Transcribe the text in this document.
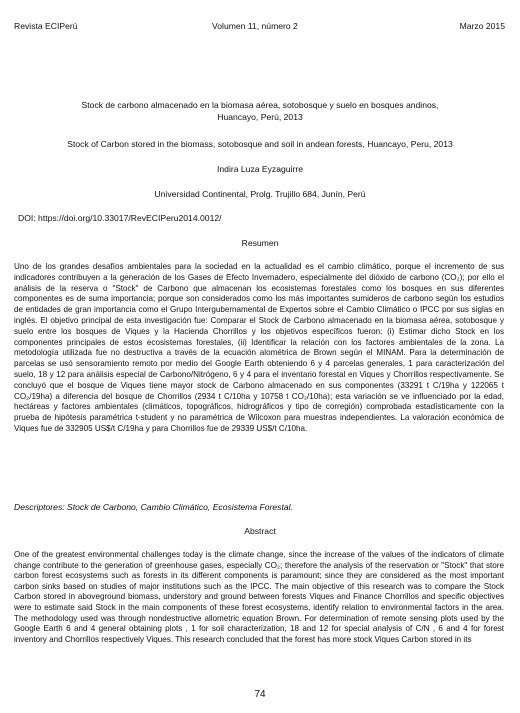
Revista ECIPerú	Volumen 11, número 2	Marzo 2015
Stock de carbono almacenado en la biomasa aérea, sotobosque y suelo en bosques andinos, Huancayo, Perú, 2013
Stock of Carbon stored in the biomass, sotobosque and soil in andean forests, Huancayo, Peru, 2013
Indira Luza Eyzaguirre
Universidad Continental, Prolg. Trujillo 684, Junín, Perú
DOI: https://doi.org/10.33017/RevECIPeru2014.0012/
Resumen

Uno de los grandes desafíos ambientales para la sociedad en la actualidad es el cambio climático, porque el incremento de sus indicadores contribuyen a la generación de los Gases de Efecto Invernadero, especialmente del dióxido de carbono (CO₂); por ello el análisis de la reserva o "Stock" de Carbono que almacenan los ecosistemas forestales como los bosques en sus diferentes componentes es de suma importancia; porque son considerados como los más importantes sumideros de carbono según los estudios de entidades de gran importancia como el Grupo Intergubernamental de Expertos sobre el Cambio Climático o IPCC por sus siglas en inglés. El objetivo principal de esta investigación fue: Comparar el Stock de Carbono almacenado en la biomasa aérea, sotobosque y suelo entre los bosques de Viques y la Hacienda Chorrillos y los objetivos específicos fueron: (i) Estimar dicho Stock en los componentes principales de estos ecosistemas forestales, (ii) Identificar la relación con los factores ambientales de la zona. La metodología utilizada fue no destructiva a través de la ecuación alométrica de Brown según el MINAM. Para la determinación de parcelas se usó sensoramiento remoto por medio del Google Earth obteniendo 6 y 4 parcelas generales, 1 para caracterización del suelo, 18 y 12 para análisis especial de Carbono/Nitrógeno, 6 y 4 para el inventario forestal en Viques y Chorrillos respectivamente. Se concluyó que el bosque de Viques tiene mayor stock de Carbono almacenado en sus componentes (33291 t C/19ha y 122065 t CO₂/19ha) a diferencia del bosque de Chorrillos (2934 t C/10ha y 10758 t CO₂/10ha); esta variación se ve influenciado por la edad, hectáreas y factores ambientales (climáticos, topográficos, hidrográficos y tipo de corregión) comprobada estadísticamente con la prueba de hipótesis paramétrica t-student y no paramétrica de Wilcoxon para muestras independientes. La valoración económica de Viques fue de 332905 US$/t C/19ha y para Chorrillos fue de 29339 US$/t C/10ha.

Descriptores: Stock de Carbono, Cambio Climático, Ecosistema Forestal.
Abstract

One of the greatest environmental challenges today is the climate change, since the increase of the values of the indicators of climate change contribute to the generation of greenhouse gases, especially CO₂; therefore the analysis of the reservation or "Stock" that store carbon forest ecosystems such as forests in its different components is paramount; since they are considered as the most important carbon sinks based on studies of major institutions such as the IPCC. The main objective of this research was to compare the Stock Carbon stored in aboveground biomass, understory and ground between forests Viques and Finance Chorrillos and specific objectives were to estimate said Stock in the main components of these forest ecosystems, identify relation to environmental factors in the area. The methodology used was through nondestructive allometric equation Brown. For determination of remote sensing plots used by the Google Earth 6 and 4 general obtaining plots , 1 for soil characterization, 18 and 12 for special analysis of C/N , 6 and 4 for forest inventory and Chorrillos respectively Viques. This research concluded that the forest has more stock Viques Carbon stored in its

74
